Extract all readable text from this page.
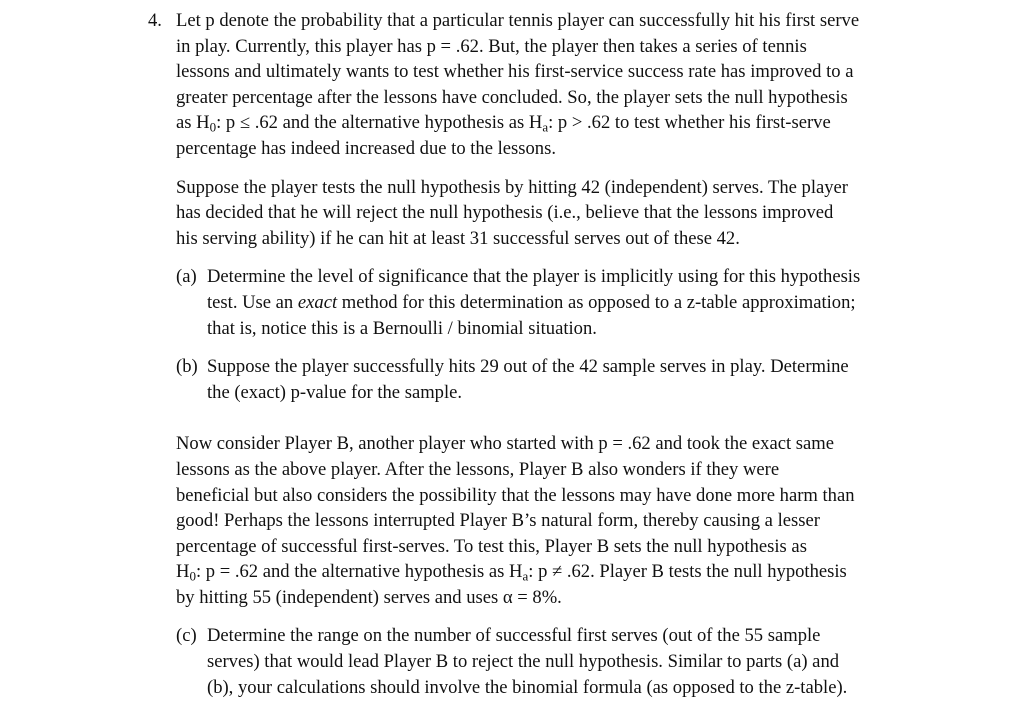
4. Let p denote the probability that a particular tennis player can successfully hit his first serve
in play. Currently, this player has p = .62. But, the player then takes a series of tennis
lessons and ultimately wants to test whether his first-service success rate has improved to a
greater percentage after the lessons have concluded. So, the player sets the null hypothesis
as $H_0$: p ≤ .62 and the alternative hypothesis as $H_a$: p > .62 to test whether his first-serve
percentage has indeed increased due to the lessons.
Suppose the player tests the null hypothesis by hitting 42 (independent) serves. The player
has decided that he will reject the null hypothesis (i.e., believe that the lessons improved
his serving ability) if he can hit at least 31 successful serves out of these 42.
(a) Determine the level of significance that the player is implicitly using for this hypothesis
test. Use an exact method for this determination as opposed to a z-table approximation;
that is, notice this is a Bernoulli / binomial situation.
(b) Suppose the player successfully hits 29 out of the 42 sample serves in play. Determine
the (exact) p-value for the sample.
Now consider Player B, another player who started with p = .62 and took the exact same
lessons as the above player. After the lessons, Player B also wonders if they were
beneficial but also considers the possibility that the lessons may have done more harm than
good! Perhaps the lessons interrupted Player B’s natural form, thereby causing a lesser
percentage of successful first-serves. To test this, Player B sets the null hypothesis as
$H_0$: p = .62 and the alternative hypothesis as $H_a$: p ≠ .62. Player B tests the null hypothesis
by hitting 55 (independent) serves and uses α = 8%.
(c) Determine the range on the number of successful first serves (out of the 55 sample
serves) that would lead Player B to reject the null hypothesis. Similar to parts (a) and
(b), your calculations should involve the binomial formula (as opposed to the z-table).
